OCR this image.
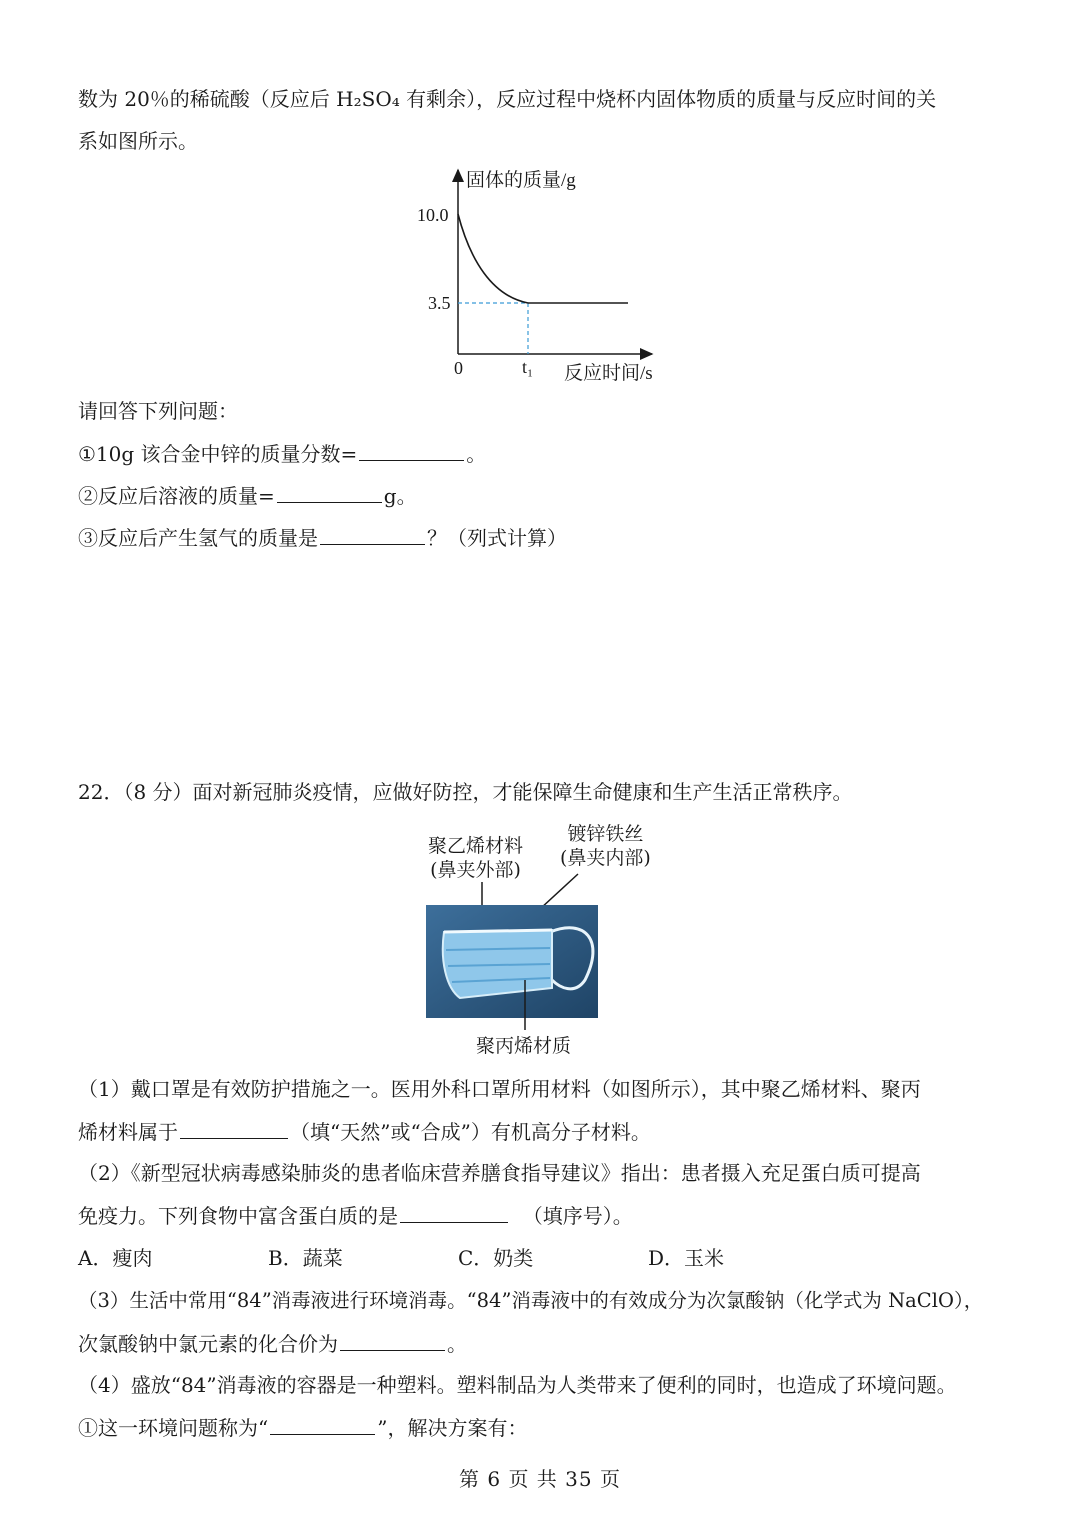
数为 20％的稀硫酸（反应后 H₂SO₄ 有剩余），反应过程中烧杯内固体物质的质量与反应时间的关
系如图所示。
固体的质量/g
反应时间/s
0
10.0
3.5
t₁
请回答下列问题：
①10g 该合金中锌的质量分数=	。
②反应后溶液的质量=	g。
③反应后产生氢气的质量是	？（列式计算）
22．（8 分）面对新冠肺炎疫情，应做好防控，才能保障生命健康和生产生活正常秩序。
聚乙烯材料
(鼻夹外部)
镀锌铁丝
(鼻夹内部)
聚丙烯材质
（1）戴口罩是有效防护措施之一。医用外科口罩所用材料（如图所示），其中聚乙烯材料、聚丙
烯材料属于	（填“天然”或“合成”）有机高分子材料。
（2）《新型冠状病毒感染肺炎的患者临床营养膳食指导建议》指出：患者摄入充足蛋白质可提高
免疫力。下列食物中富含蛋白质的是	（填序号）。
A．瘦肉	B．蔬菜	C．奶类	D．玉米
（3）生活中常用“84”消毒液进行环境消毒。“84”消毒液中的有效成分为次氯酸钠（化学式为 NaClO），
次氯酸钠中氯元素的化合价为	。
（4）盛放“84”消毒液的容器是一种塑料。塑料制品为人类带来了便利的同时，也造成了环境问题。
①这一环境问题称为“	”，解决方案有：
第 6 页 共 35 页
